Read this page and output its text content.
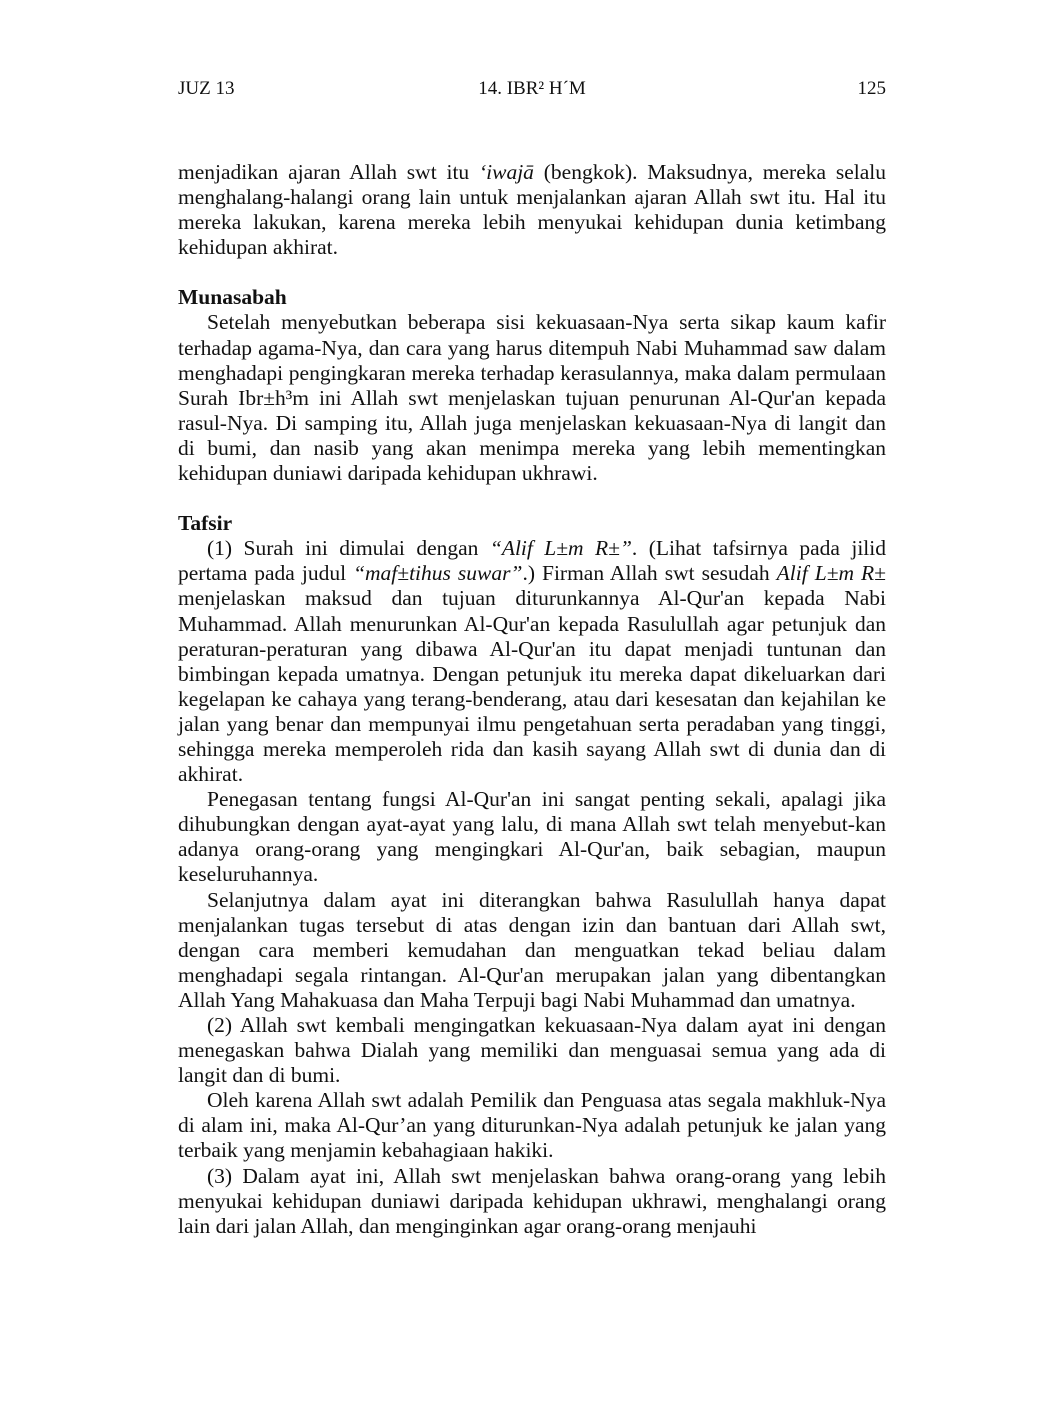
JUZ 13	14. IBR² H´M	125

menjadikan ajaran Allah swt itu ‘iwajā (bengkok). Maksudnya, mereka selalu menghalang-halangi orang lain untuk menjalankan ajaran Allah swt itu. Hal itu mereka lakukan, karena mereka lebih menyukai kehidupan dunia ketimbang kehidupan akhirat.

Munasabah

Setelah menyebutkan beberapa sisi kekuasaan-Nya serta sikap kaum kafir terhadap agama-Nya, dan cara yang harus ditempuh Nabi Muhammad saw dalam menghadapi pengingkaran mereka terhadap kerasulannya, maka dalam permulaan Surah Ibr±h³m ini Allah swt menjelaskan tujuan penurunan Al-Qur'an kepada rasul-Nya. Di samping itu, Allah juga menjelaskan kekuasaan-Nya di langit dan di bumi, dan nasib yang akan menimpa mereka yang lebih mementingkan kehidupan duniawi daripada kehidupan ukhrawi.

Tafsir

(1) Surah ini dimulai dengan “Alif L±m R±”. (Lihat tafsirnya pada jilid pertama pada judul “maf±tihus suwar”.) Firman Allah swt sesudah Alif L±m R± menjelaskan maksud dan tujuan diturunkannya Al-Qur'an kepada Nabi Muhammad. Allah menurunkan Al-Qur'an kepada Rasulullah agar petunjuk dan peraturan-peraturan yang dibawa Al-Qur'an itu dapat menjadi tuntunan dan bimbingan kepada umatnya. Dengan petunjuk itu mereka dapat dikeluarkan dari kegelapan ke cahaya yang terang-benderang, atau dari kesesatan dan kejahilan ke jalan yang benar dan mempunyai ilmu pengetahuan serta peradaban yang tinggi, sehingga mereka memperoleh rida dan kasih sayang Allah swt di dunia dan di akhirat.

Penegasan tentang fungsi Al-Qur'an ini sangat penting sekali, apalagi jika dihubungkan dengan ayat-ayat yang lalu, di mana Allah swt telah menyebut-kan adanya orang-orang yang mengingkari Al-Qur'an, baik sebagian, maupun keseluruhannya.

Selanjutnya dalam ayat ini diterangkan bahwa Rasulullah hanya dapat menjalankan tugas tersebut di atas dengan izin dan bantuan dari Allah swt, dengan cara memberi kemudahan dan menguatkan tekad beliau dalam menghadapi segala rintangan. Al-Qur'an merupakan jalan yang dibentangkan Allah Yang Mahakuasa dan Maha Terpuji bagi Nabi Muhammad dan umatnya.

(2) Allah swt kembali mengingatkan kekuasaan-Nya dalam ayat ini dengan menegaskan bahwa Dialah yang memiliki dan menguasai semua yang ada di langit dan di bumi.

Oleh karena Allah swt adalah Pemilik dan Penguasa atas segala makhluk-Nya di alam ini, maka Al-Qur’an yang diturunkan-Nya adalah petunjuk ke jalan yang terbaik yang menjamin kebahagiaan hakiki.

(3) Dalam ayat ini, Allah swt menjelaskan bahwa orang-orang yang lebih menyukai kehidupan duniawi daripada kehidupan ukhrawi, menghalangi orang lain dari jalan Allah, dan menginginkan agar orang-orang menjauhi
